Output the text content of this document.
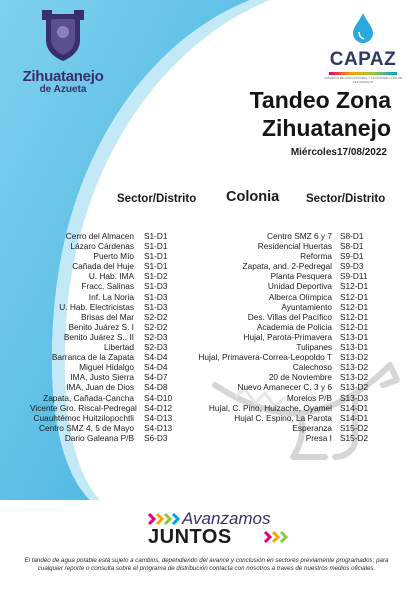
Zihuatanejo
de Azueta
CAPAZ
COMISIÓN DE AGUA POTABLE Y ALCANTARILLADO DE ZIHUATANEJO
Tandeo Zona
Zihuatanejo
Miércoles17/08/2022
Sector/Distrito Colonia Sector/Distrito
Cerro del Almacen	S1-D1
Lázaro Cárdenas	S1-D1
Puerto Mío	S1-D1
Cañada del Huje	S1-D1
U. Hab. IMA	S1-D2
Fracc. Salinas	S1-D3
Inf. La Noria	S1-D3
U. Hab. Electricistas	S1-D3
Brisas del Mar	S2-D2
Benito Juárez S. I	S2-D2
Benito Juárez S.. II	S2-D3
Libertad	S2-D3
Barranca de la Zapata	S4-D4
Miguel Hidalgo	S4-D4
IMA, Justo Sierra	S4-D7
IMA, Juan de Dios	S4-D8
Zapata, Cañada-Cancha	S4-D10
Vicente Gro. Riscal-Pedregal S4-D12
Cuauhtémoc Huitzilopochtli	S4-D13
Centro SMZ 4, 5 de Mayo	S4-D13
Dario Galeana P/B	S6-D3
Centro SMZ 6 y 7 S8-D1
Residencial Huertas S8-D1
Reforma S9-D1
Zapata, and. 2-Pedregal S9-D3
Planta Pesquera S9-D11
Unidad Deportiva S12-D1
Alberca Olímpica S12-D1
Ayuntamiento S12-D1
Des. Villas del Pacífico S12-D1
Academia de Policia S12-D1
Hujal, Parota-Primavera S13-D1
Tulipanes S13-D1
Hujal, Primavera-Correa-Leopoldo T S13-D2
Calechoso S13-D2
20 de Noviembre S13-D2
Nuevo Amanecer C. 3 y 6 S13-D2
Morelos P/B S13-D3
Hujal, C. Pino, Huizache, Oyamel S14-D1
Hujal C. Espino, La Parota S14-D1
Esperanza S15-D2
Presa I S15-D2
Avanzamos
JUNTOS
El tandeo de agua potable está sujeto a cambios, dependiendo del avance y conclusión en sectores previamente programados; para cualquier reporte o consulta sobre el programa de distribución contacta con nosotros a traves de nuestros medios oficiales.
